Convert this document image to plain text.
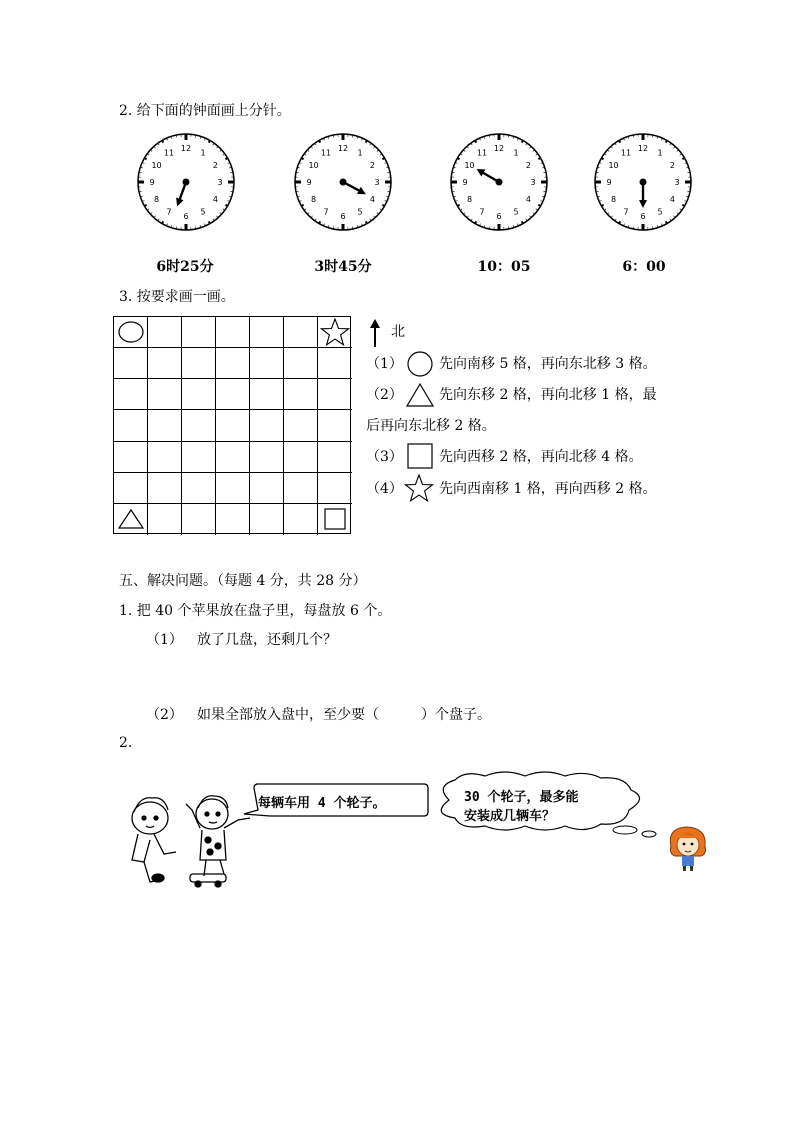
2. 给下面的钟面画上分针。
12
1
2
3
4
5
6
7
8
9
10
11
12
1
2
3
4
5
6
7
8
9
10
11
12
1
2
3
4
5
6
7
8
9
10
11
12
1
2
3
4
5
6
7
8
9
10
11
6时25分	3时45分	10：05	6：00
3. 按要求画一画。
北
（1）	先向南移 5 格，再向东北移 3 格。
（2）	先向东移 2 格，再向北移 1 格，最
后再向东北移 2 格。
（3）	先向西移 2 格，再向北移 4 格。
（4）	先向西南移 1 格，再向西移 2 格。
五、解决问题。（每题 4 分，共 28 分）
1. 把 40 个苹果放在盘子里，每盘放 6 个。
（1） 放了几盘，还剩几个？
（2） 如果全部放入盘中，至少要（　　　）个盘子。
2.
每辆车用 4 个轮子。	30 个轮子，最多能
安装成几辆车？
